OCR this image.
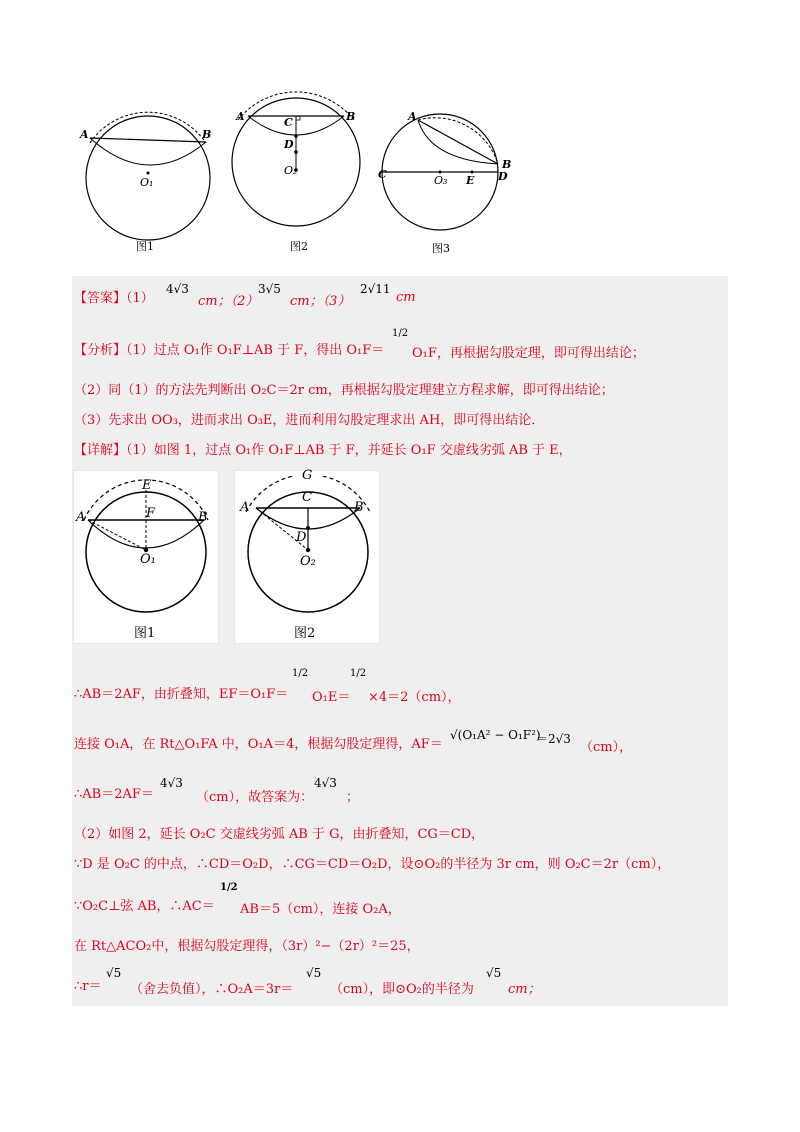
A	B
O₁
图1
A	B
C
D
O₂
图2
A
B
C	D
E
O₃
图3
【答案】（1）
4√3
cm；（2）
3√5
cm；（3）
2√11
cm
【分析】（1）过点 O₁作 O₁F⊥AB 于 F，得出 O₁F＝
1/2
O₁F，再根据勾股定理，即可得出结论；
（2）同（1）的方法先判断出 O₂C＝2r cm，再根据勾股定理建立方程求解，即可得出结论；
（3）先求出 OO₃，进而求出 O₃E，进而利用勾股定理求出 AH，即可得出结论．
【详解】（1）如图 1，过点 O₁作 O₁F⊥AB 于 F，并延长 O₁F 交虚线劣弧 AB 于 E，
E
F
A	B
O₁
图1
G
C
A	B
D
O₂
图2
∴AB＝2AF，由折叠知，EF＝O₁F＝
1/2
O₁E＝
1/2
×4＝2（cm），
连接 O₁A，在 Rt△O₁FA 中，O₁A＝4，根据勾股定理得，AF＝
√(O₁A² − O₁F²)
＝2√3
（cm），
∴AB＝2AF＝
4√3
（cm），故答案为：
4√3
；
（2）如图 2，延长 O₂C 交虚线劣弧 AB 于 G，由折叠知，CG＝CD，
∵D 是 O₂C 的中点，∴CD＝O₂D，∴CG＝CD＝O₂D，设⊙O₂的半径为 3r cm，则 O₂C＝2r（cm），
∵O₂C⊥弦 AB，∴AC＝
1/2
AB＝5（cm），连接 O₂A，
在 Rt△ACO₂中，根据勾股定理得，（3r）²−（2r）²＝25，
∴r＝
√5
（舍去负值），∴O₂A＝3r＝
√5
（cm），即⊙O₂的半径为
√5
cm；
